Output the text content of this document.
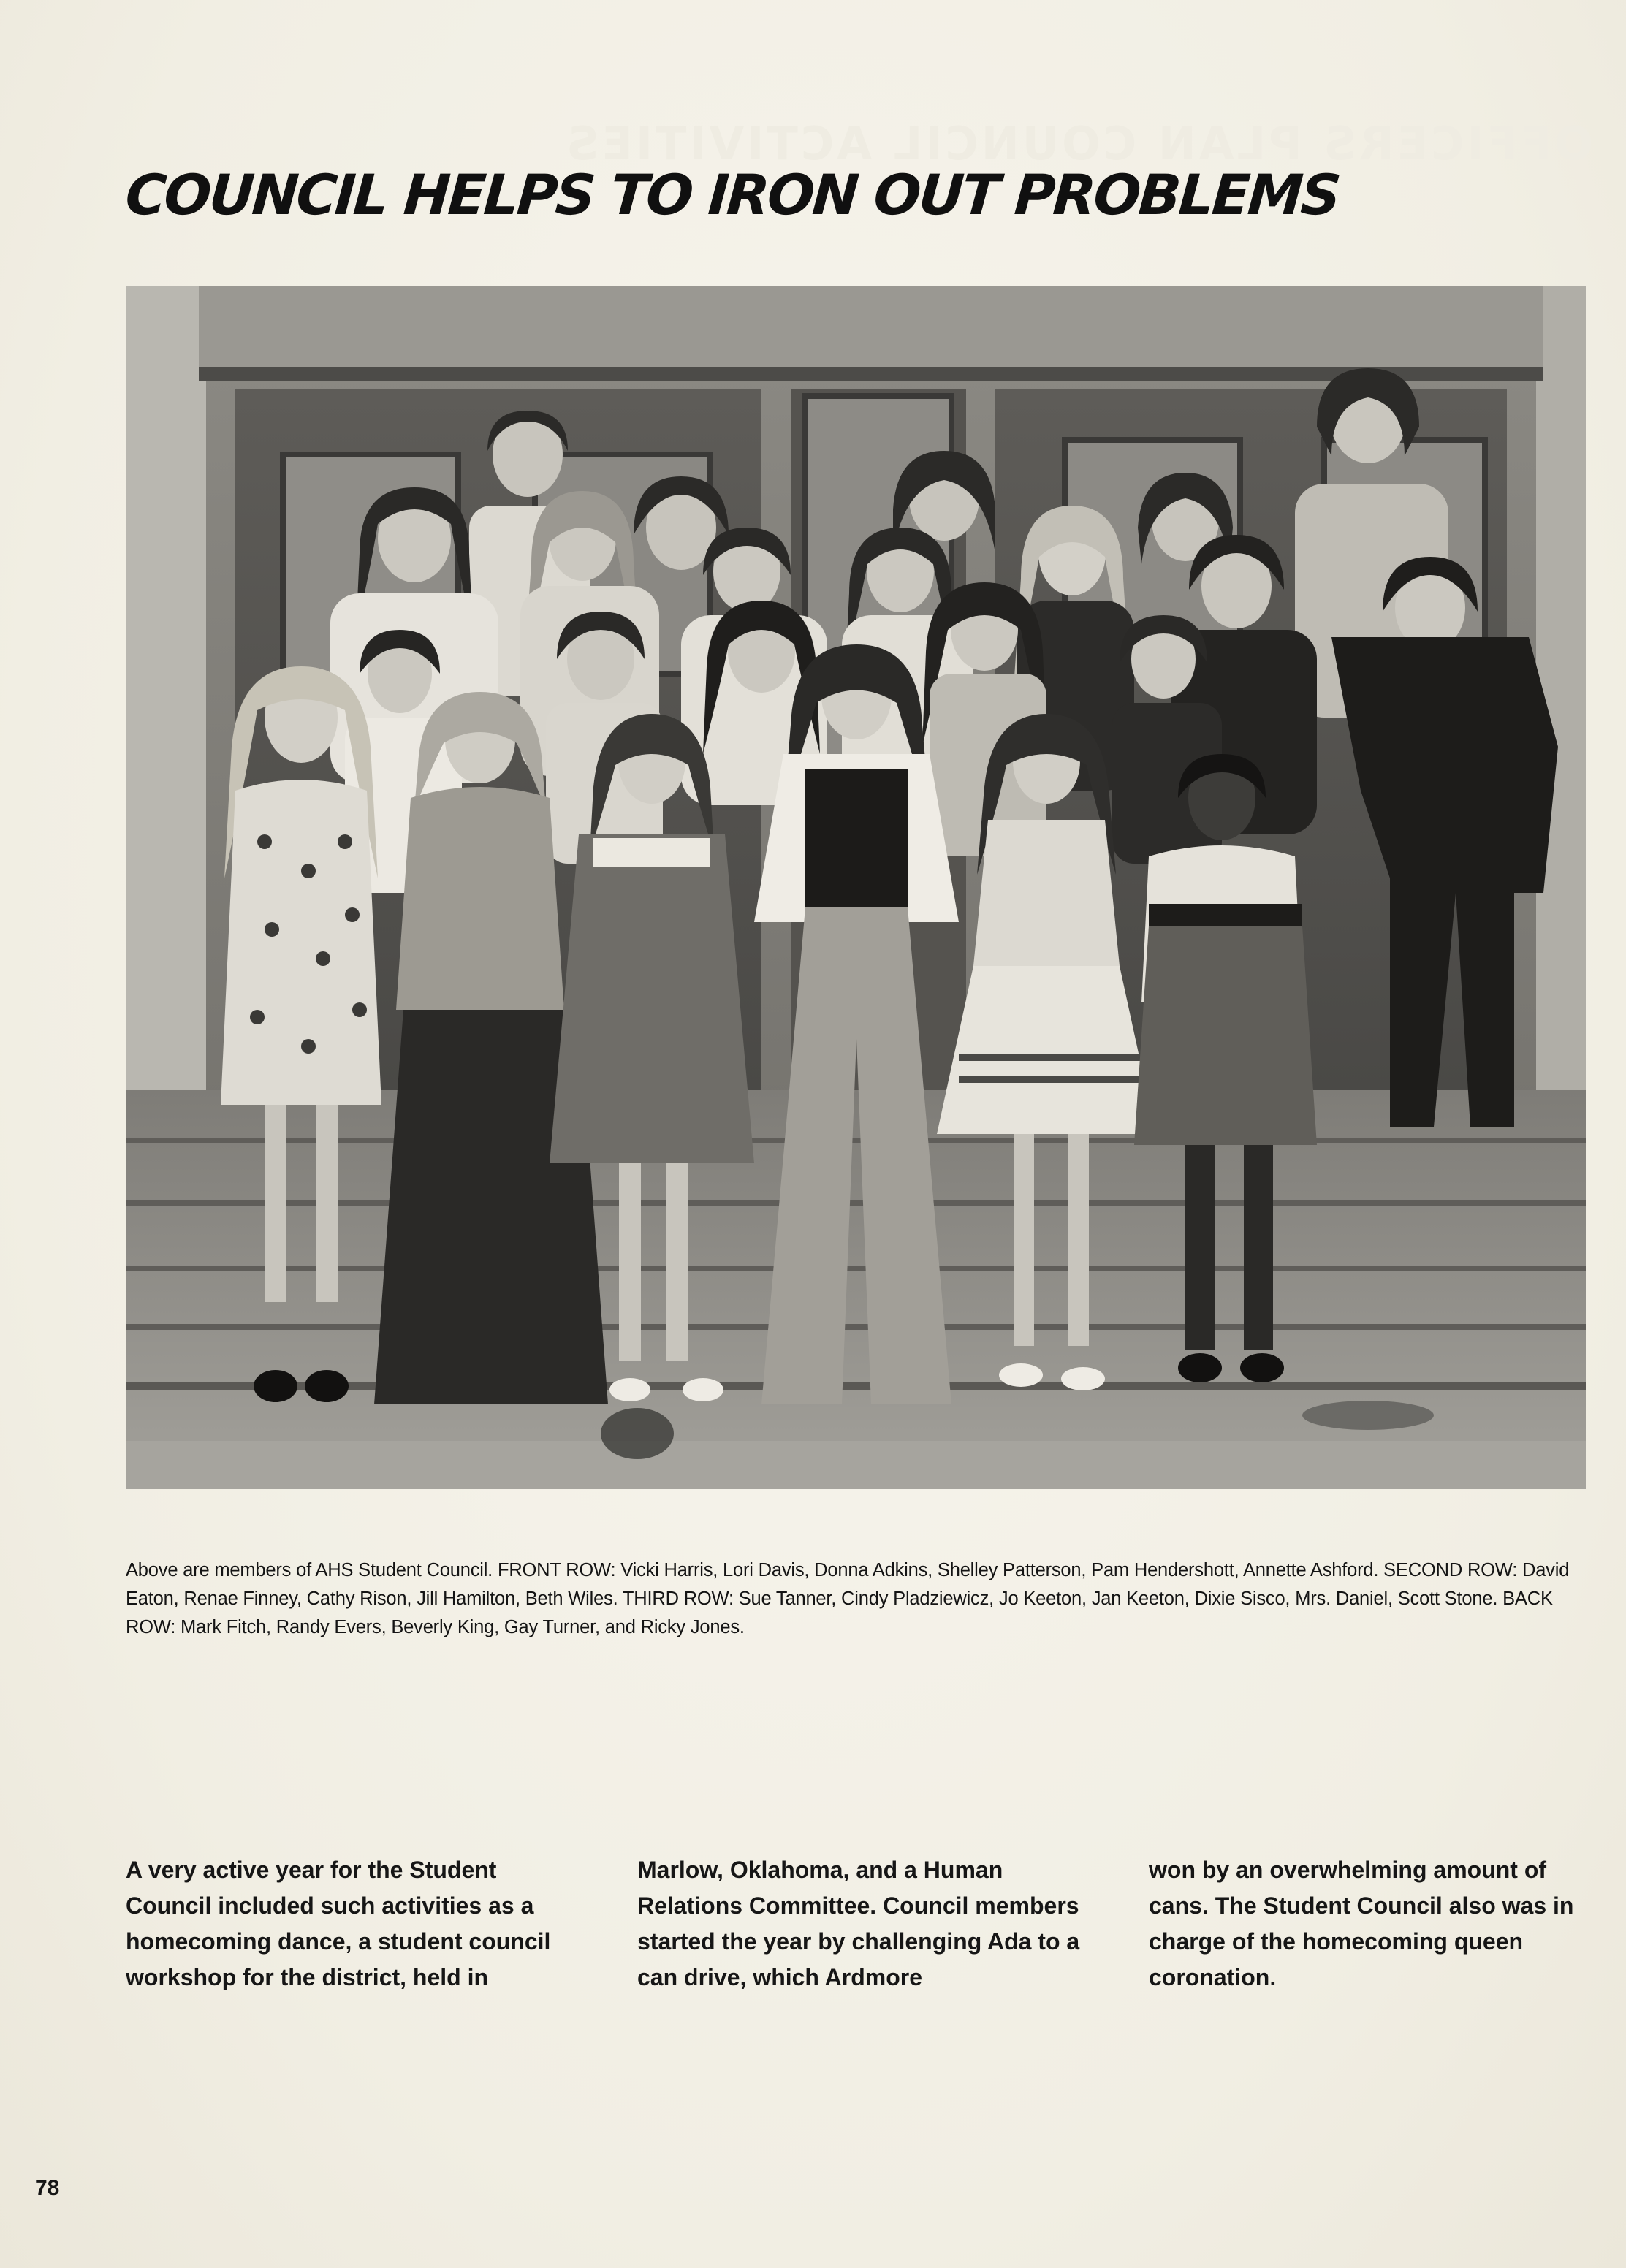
OFFICERS PLAN COUNCIL ACTIVITIES
COUNCIL HELPS TO IRON OUT PROBLEMS
Above are members of AHS Student Council. FRONT ROW: Vicki Harris, Lori Davis, Donna Adkins, Shelley Patterson, Pam Hendershott, Annette Ashford. SECOND ROW: David Eaton, Renae Finney, Cathy Rison, Jill Hamilton, Beth Wiles. THIRD ROW: Sue Tanner, Cindy Pladziewicz, Jo Keeton, Jan Keeton, Dixie Sisco, Mrs. Daniel, Scott Stone. BACK ROW: Mark Fitch, Randy Evers, Beverly King, Gay Turner, and Ricky Jones.

A very active year for the Student Council included such activities as a homecoming dance, a student council workshop for the district, held in

Marlow, Oklahoma, and a Human Relations Committee. Council members started the year by challenging Ada to a can drive, which Ardmore

won by an overwhelming amount of cans. The Student Council also was in charge of the homecoming queen coronation.

78
